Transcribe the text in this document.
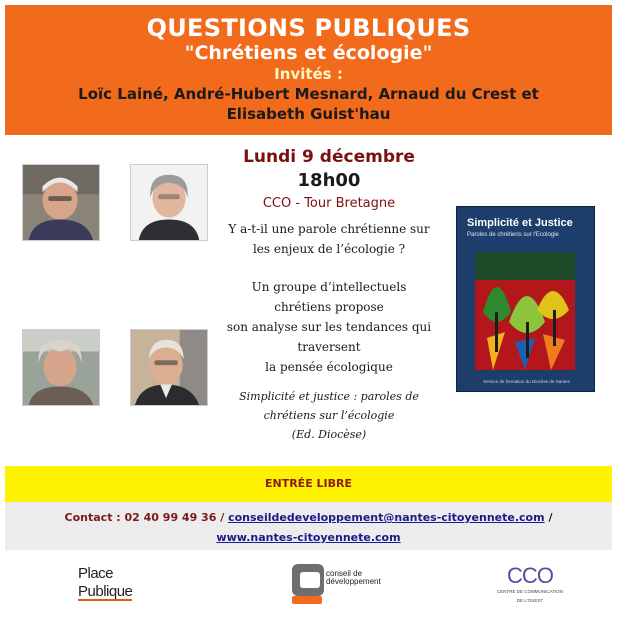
QUESTIONS PUBLIQUES
"Chrétiens et écologie"
Invités :
Loïc Lainé, André-Hubert Mesnard, Arnaud du Crest et
Elisabeth Guist'hau
Lundi 9 décembre
18h00
CCO - Tour Bretagne
Y a-t-il une parole chrétienne sur
les enjeux de l’écologie ?
Un groupe d’intellectuels
chrétiens propose
son analyse sur les tendances qui
traversent
la pensée écologique
Simplicité et justice : paroles de
chrétiens sur l’écologie
(Ed. Diocèse)
Simplicité et Justice
Paroles de chrétiens sur l'Ecologie
Service de formation du Diocèse de Nantes
ENTRÉE LIBRE
Contact : 02 40 99 49 36 / conseildedeveloppement@nantes-citoyennete.com /
www.nantes-citoyennete.com
Place
Publique
conseil de
développement	CCO
CENTRE DE COMMUNICATION
DE L'OUEST
